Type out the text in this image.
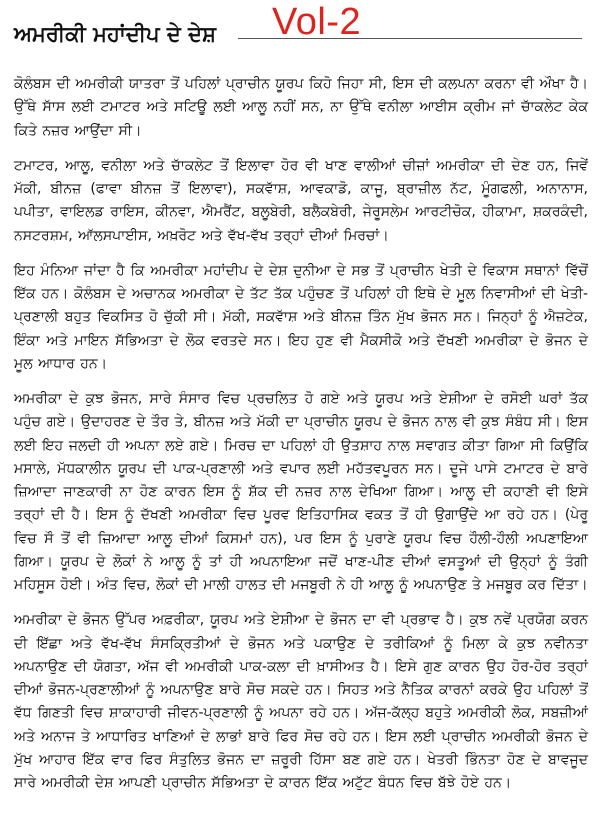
ਅਮਰੀਕੀ ਮਹਾਂਦੀਪ ਦੇ ਦੇਸ਼ Vol-2

ਕੋਲੰਬਸ ਦੀ ਅਮਰੀਕੀ ਯਾਤਰਾ ਤੋਂ ਪਹਿਲਾਂ ਪ੍ਰਾਚੀਨ ਯੂਰਪ ਕਿਹੋ ਜਿਹਾ ਸੀ, ਇਸ ਦੀ ਕਲਪਨਾ ਕਰਨਾ ਵੀ ਔਖਾ ਹੈ। ਉੱਥੇ ਸਾੱਸ ਲਈ ਟਮਾਟਰ ਅਤੇ ਸਟਿਊ ਲਈ ਆਲੂ ਨਹੀਂ ਸਨ, ਨਾ ਉੱਥੇ ਵਨੀਲਾ ਆਈਸ ਕ੍ਰੀਮ ਜਾਂ ਚਾੱਕਲੇਟ ਕੇਕ ਕਿਤੇ ਨਜ਼ਰ ਆਉਂਦਾ ਸੀ।

ਟਮਾਟਰ, ਆਲੂ, ਵਨੀਲਾ ਅਤੇ ਚਾੱਕਲੇਟ ਤੋਂ ਇਲਾਵਾ ਹੋਰ ਵੀ ਖਾਣ ਵਾਲੀਆਂ ਚੀਜ਼ਾਂ ਅਮਰੀਕਾ ਦੀ ਦੇਣ ਹਨ, ਜਿਵੇਂ ਮੱਕੀ, ਬੀਨਜ਼ (ਫਾਵਾ ਬੀਨਜ਼ ਤੋਂ ਇਲਾਵਾ), ਸਕਵਾੱਸ਼, ਆਵਕਾਡੋ, ਕਾਜੂ, ਬ੍ਰਾਜ਼ੀਲ ਨੱਟ, ਮੂੰਗਫਲੀ, ਅਨਾਨਾਸ, ਪਪੀਤਾ, ਵਾਇਲਡ ਰਾਇਸ, ਕੀਨਵਾ, ਐਮਰੈਂਟ, ਬਲੂਬੇਰੀ, ਬਲੈਕਬੇਰੀ, ਜੇਰੂਸਲੇਮ ਆਰਟੀਚੋਕ, ਹੀਕਾਮਾ, ਸ਼ਕਰਕੰਦੀ, ਨਸਟਰਸ਼ਮ, ਆੱਲਸਪਾਈਸ, ਅਖ਼ਰੋਟ ਅਤੇ ਵੱਖ-ਵੱਖ ਤਰ੍ਹਾਂ ਦੀਆਂ ਮਿਰਚਾਂ।

ਇਹ ਮੰਨਿਆ ਜਾਂਦਾ ਹੈ ਕਿ ਅਮਰੀਕਾ ਮਹਾਂਦੀਪ ਦੇ ਦੇਸ਼ ਦੁਨੀਆ ਦੇ ਸਭ ਤੋਂ ਪ੍ਰਾਚੀਨ ਖੇਤੀ ਦੇ ਵਿਕਾਸ ਸਥਾਨਾਂ ਵਿੱਚੋਂ ਇੱਕ ਹਨ। ਕੋਲੰਬਸ ਦੇ ਅਚਾਨਕ ਅਮਰੀਕਾ ਦੇ ਤੱਟ ਤੱਕ ਪਹੁੰਚਣ ਤੋਂ ਪਹਿਲਾਂ ਹੀ ਇਥੇ ਦੇ ਮੂਲ ਨਿਵਾਸੀਆਂ ਦੀ ਖੇਤੀ-ਪ੍ਰਣਾਲੀ ਬਹੁਤ ਵਿਕਸਿਤ ਹੋ ਚੁੱਕੀ ਸੀ। ਮੱਕੀ, ਸਕਵਾੱਸ਼ ਅਤੇ ਬੀਨਜ਼ ਤਿੰਨ ਮੁੱਖ ਭੋਜਨ ਸਨ। ਜਿਨ੍ਹਾਂ ਨੂੰ ਐਜ਼ਟੇਕ, ਇੰਕਾ ਅਤੇ ਮਾਇਨ ਸੱਭਿਅਤਾ ਦੇ ਲੋਕ ਵਰਤਦੇ ਸਨ। ਇਹ ਹੁਣ ਵੀ ਮੈਕਸੀਕੋ ਅਤੇ ਦੱਖਣੀ ਅਮਰੀਕਾ ਦੇ ਭੋਜਨ ਦੇ ਮੂਲ ਆਧਾਰ ਹਨ।

ਅਮਰੀਕਾ ਦੇ ਕੁਝ ਭੋਜਨ, ਸਾਰੇ ਸੰਸਾਰ ਵਿਚ ਪ੍ਰਚਲਿਤ ਹੋ ਗਏ ਅਤੇ ਯੂਰਪ ਅਤੇ ਏਸ਼ੀਆ ਦੇ ਰਸੋਈ ਘਰਾਂ ਤੱਕ ਪਹੁੰਚ ਗਏ। ਉਦਾਹਰਣ ਦੇ ਤੌਰ ਤੇ, ਬੀਨਜ਼ ਅਤੇ ਮੱਕੀ ਦਾ ਪ੍ਰਾਚੀਨ ਯੂਰਪ ਦੇ ਭੋਜਨ ਨਾਲ ਵੀ ਕੁਝ ਸੰਬੰਧ ਸੀ। ਇਸ ਲਈ ਇਹ ਜਲਦੀ ਹੀ ਅਪਨਾ ਲਏ ਗਏ। ਮਿਰਚ ਦਾ ਪਹਿਲਾਂ ਹੀ ਉਤਸ਼ਾਹ ਨਾਲ ਸਵਾਗਤ ਕੀਤਾ ਗਿਆ ਸੀ ਕਿਉਂਕਿ ਮਸਾਲੇ, ਮੱਧਕਾਲੀਨ ਯੂਰਪ ਦੀ ਪਾਕ-ਪ੍ਰਣਾਲੀ ਅਤੇ ਵਪਾਰ ਲਈ ਮਹੱਤਵਪੂਰਨ ਸਨ। ਦੂਜੇ ਪਾਸੇ ਟਮਾਟਰ ਦੇ ਬਾਰੇ ਜ਼ਿਆਦਾ ਜਾਣਕਾਰੀ ਨਾ ਹੋਣ ਕਾਰਨ ਇਸ ਨੂੰ ਸ਼ੱਕ ਦੀ ਨਜ਼ਰ ਨਾਲ ਦੇਖਿਆ ਗਿਆ। ਆਲੂ ਦੀ ਕਹਾਣੀ ਵੀ ਇਸੇ ਤਰ੍ਹਾਂ ਦੀ ਹੈ। ਇਸ ਨੂੰ ਦੱਖਣੀ ਅਮਰੀਕਾ ਵਿਚ ਪੂਰਵ ਇਤਿਹਾਸਿਕ ਵਕਤ ਤੋਂ ਹੀ ਉਗਾਉਂਦੇ ਆ ਰਹੇ ਹਨ। (ਪੇਰੂ ਵਿਚ ਸੌ ਤੋਂ ਵੀ ਜ਼ਿਆਦਾ ਆਲੂ ਦੀਆਂ ਕਿਸਮਾਂ ਹਨ), ਪਰ ਇਸ ਨੂੰ ਪੁਰਾਣੇ ਯੂਰਪ ਵਿਚ ਹੌਲੀ-ਹੌਲੀ ਅਪਣਾਇਆ ਗਿਆ। ਯੂਰਪ ਦੇ ਲੋਕਾਂ ਨੇ ਆਲੂ ਨੂੰ ਤਾਂ ਹੀ ਅਪਨਾਇਆ ਜਦੋਂ ਖਾਣ-ਪੀਣ ਦੀਆਂ ਵਸਤੂਆਂ ਦੀ ਉਨ੍ਹਾਂ ਨੂੰ ਤੰਗੀ ਮਹਿਸੂਸ ਹੋਈ। ਅੰਤ ਵਿਚ, ਲੋਕਾਂ ਦੀ ਮਾਲੀ ਹਾਲਤ ਦੀ ਮਜਬੂਰੀ ਨੇ ਹੀ ਆਲੂ ਨੂੰ ਅਪਨਾਉਣ ਤੇ ਮਜਬੂਰ ਕਰ ਦਿੱਤਾ।

ਅਮਰੀਕਾ ਦੇ ਭੋਜਨ ਉੱਪਰ ਅਫ਼ਰੀਕਾ, ਯੂਰਪ ਅਤੇ ਏਸ਼ੀਆ ਦੇ ਭੋਜਨ ਦਾ ਵੀ ਪ੍ਰਭਾਵ ਹੈ। ਕੁਝ ਨਵੇਂ ਪ੍ਰਯੋਗ ਕਰਨ ਦੀ ਇੱਛਾ ਅਤੇ ਵੱਖ-ਵੱਖ ਸੰਸਕ੍ਰਿਤੀਆਂ ਦੇ ਭੋਜਨ ਅਤੇ ਪਕਾਉਣ ਦੇ ਤਰੀਕਿਆਂ ਨੂੰ ਮਿਲਾ ਕੇ ਕੁਝ ਨਵੀਨਤਾ ਅਪਨਾਉਣ ਦੀ ਯੋਗਤਾ, ਅੱਜ ਵੀ ਅਮਰੀਕੀ ਪਾਕ-ਕਲਾ ਦੀ ਖ਼ਾਸੀਅਤ ਹੈ। ਇਸੇ ਗੁਣ ਕਾਰਨ ਉਹ ਹੋਰ-ਹੋਰ ਤਰ੍ਹਾਂ ਦੀਆਂ ਭੋਜਨ-ਪ੍ਰਣਾਲੀਆਂ ਨੂੰ ਅਪਨਾਉਣ ਬਾਰੇ ਸੋਚ ਸਕਦੇ ਹਨ। ਸਿਹਤ ਅਤੇ ਨੈਤਿਕ ਕਾਰਨਾਂ ਕਰਕੇ ਉਹ ਪਹਿਲਾਂ ਤੋਂ ਵੱਧ ਗਿਣਤੀ ਵਿਚ ਸ਼ਾਕਾਹਾਰੀ ਜੀਵਨ-ਪ੍ਰਣਾਲੀ ਨੂੰ ਅਪਨਾ ਰਹੇ ਹਨ। ਅੱਜ-ਕੱਲ੍ਹ ਬਹੁਤੇ ਅਮਰੀਕੀ ਲੋਕ, ਸਬਜ਼ੀਆਂ ਅਤੇ ਅਨਾਜ ਤੇ ਆਧਾਰਿਤ ਖਾਣਿਆਂ ਦੇ ਲਾਭਾਂ ਬਾਰੇ ਫਿਰ ਸੋਚ ਰਹੇ ਹਨ। ਇਸ ਲਈ ਪ੍ਰਾਚੀਨ ਅਮਰੀਕੀ ਭੋਜਨ ਦੇ ਮੁੱਖ ਆਹਾਰ ਇੱਕ ਵਾਰ ਫਿਰ ਸੰਤੁਲਿਤ ਭੋਜਨ ਦਾ ਜ਼ਰੂਰੀ ਹਿੱਸਾ ਬਣ ਗਏ ਹਨ। ਖੇਤਰੀ ਭਿੰਨਤਾ ਹੋਣ ਦੇ ਬਾਵਜੂਦ ਸਾਰੇ ਅਮਰੀਕੀ ਦੇਸ਼ ਆਪਣੀ ਪ੍ਰਾਚੀਨ ਸੱਭਿਅਤਾ ਦੇ ਕਾਰਨ ਇੱਕ ਅਟੁੱਟ ਬੰਧਨ ਵਿਚ ਬੱਝੇ ਹੋਏ ਹਨ।
